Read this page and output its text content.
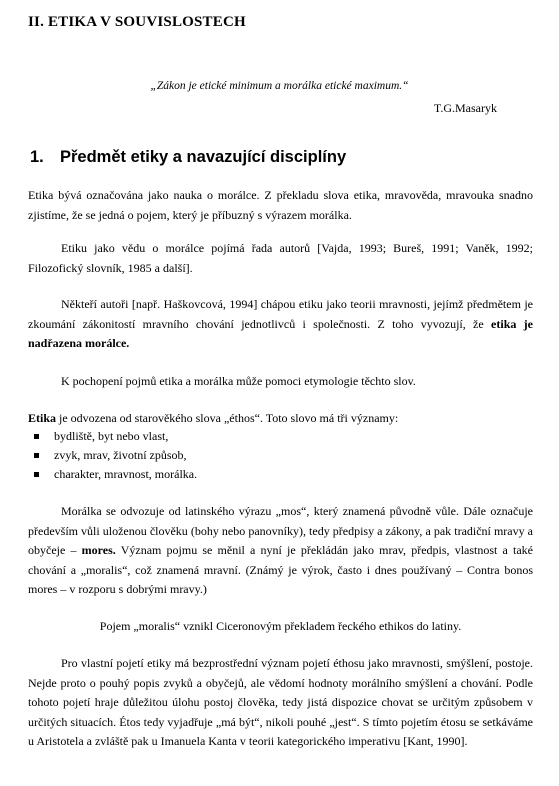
II. ETIKA V SOUVISLOSTECH

„Zákon je etické minimum a morálka etické maximum.“

T.G.Masaryk

1. Předmět etiky a navazující disciplíny

Etika bývá označována jako nauka o morálce. Z překladu slova etika, mravověda, mravouka snadno zjistíme, že se jedná o pojem, který je příbuzný s výrazem morálka.

Etiku jako vědu o morálce pojímá řada autorů [Vajda, 1993; Bureš, 1991; Vaněk, 1992; Filozofický slovník, 1985 a další].

Někteří autoři [např. Haškovcová, 1994] chápou etiku jako teorii mravnosti, jejímž předmětem je zkoumání zákonitostí mravního chování jednotlivců i společnosti. Z toho vyvozují, že etika je nadřazena morálce.

K pochopení pojmů etika a morálka může pomoci etymologie těchto slov.

Etika je odvozena od starověkého slova „éthos“. Toto slovo má tři významy:

bydliště, byt nebo vlast,
zvyk, mrav, životní způsob,
charakter, mravnost, morálka.

Morálka se odvozuje od latinského výrazu „mos“, který znamená původně vůle. Dále označuje především vůli uloženou člověku (bohy nebo panovníky), tedy předpisy a zákony, a pak tradiční mravy a obyčeje – mores. Význam pojmu se měnil a nyní je překládán jako mrav, předpis, vlastnost a také chování a „moralis“, což znamená mravní. (Známý je výrok, často i dnes používaný – Contra bonos mores – v rozporu s dobrými mravy.)

Pojem „moralis“ vznikl Ciceronovým překladem řeckého ethikos do latiny.

Pro vlastní pojetí etiky má bezprostřední význam pojetí éthosu jako mravnosti, smýšlení, postoje. Nejde proto o pouhý popis zvyků a obyčejů, ale vědomí hodnoty morálního smýšlení a chování. Podle tohoto pojetí hraje důležitou úlohu postoj člověka, tedy jistá dispozice chovat se určitým způsobem v určitých situacích. Étos tedy vyjadřuje „má být“, nikoli pouhé „jest“. S tímto pojetím étosu se setkáváme u Aristotela a zvláště pak u Imanuela Kanta v teorii kategorického imperativu [Kant, 1990].
